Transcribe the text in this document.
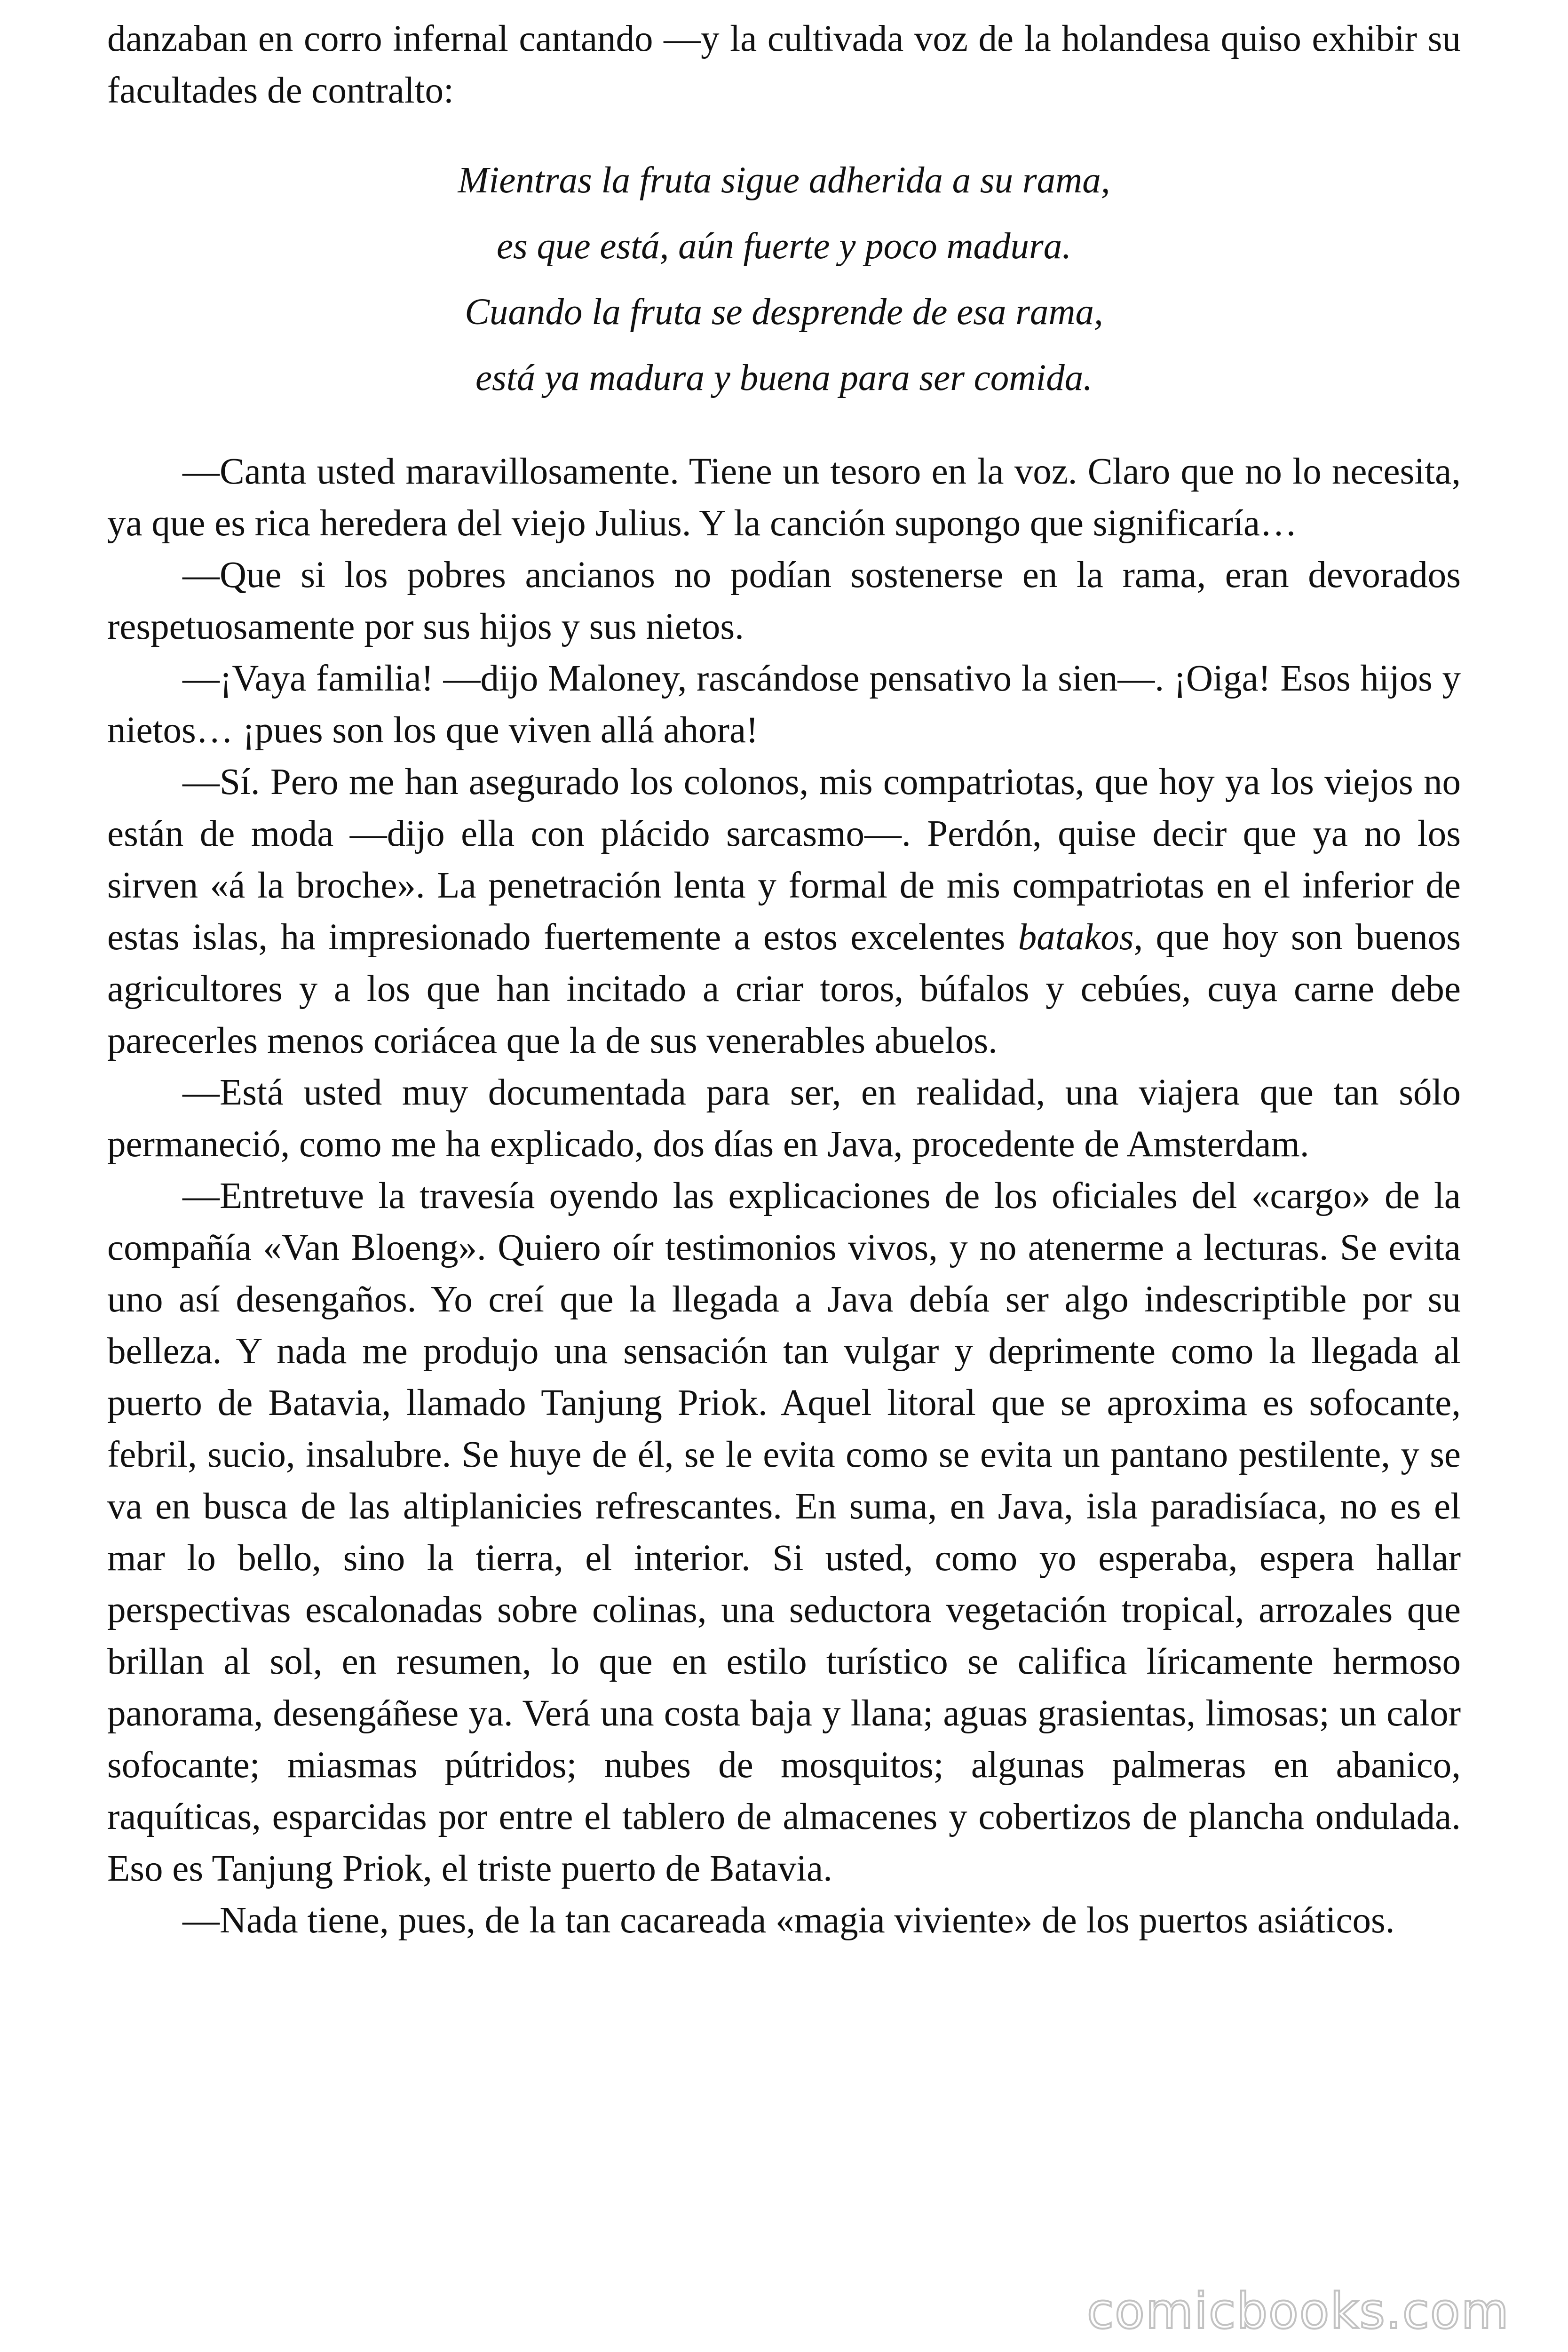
danzaban en corro infernal cantando —y la cultivada voz de la holandesa quiso exhibir su facultades de contralto:

Mientras la fruta sigue adherida a su rama,
es que está, aún fuerte y poco madura.
Cuando la fruta se desprende de esa rama,
está ya madura y buena para ser comida.

—Canta usted maravillosamente. Tiene un tesoro en la voz. Claro que no lo necesita, ya que es rica heredera del viejo Julius. Y la canción supongo que significaría…

—Que si los pobres ancianos no podían sostenerse en la rama, eran devorados respetuosamente por sus hijos y sus nietos.

—¡Vaya familia! —dijo Maloney, rascándose pensativo la sien—. ¡Oiga! Esos hijos y nietos… ¡pues son los que viven allá ahora!

—Sí. Pero me han asegurado los colonos, mis compatriotas, que hoy ya los viejos no están de moda —dijo ella con plácido sarcasmo—. Perdón, quise decir que ya no los sirven «á la broche». La penetración lenta y formal de mis compatriotas en el inferior de estas islas, ha impresionado fuertemente a estos excelentes batakos, que hoy son buenos agricultores y a los que han incitado a criar toros, búfalos y cebúes, cuya carne debe parecerles menos coriácea que la de sus venerables abuelos.

—Está usted muy documentada para ser, en realidad, una viajera que tan sólo permaneció, como me ha explicado, dos días en Java, procedente de Amsterdam.

—Entretuve la travesía oyendo las explicaciones de los oficiales del «cargo» de la compañía «Van Bloeng». Quiero oír testimonios vivos, y no atenerme a lecturas. Se evita uno así desengaños. Yo creí que la llegada a Java debía ser algo indescriptible por su belleza. Y nada me produjo una sensación tan vulgar y deprimente como la llegada al puerto de Batavia, llamado Tanjung Priok. Aquel litoral que se aproxima es sofocante, febril, sucio, insalubre. Se huye de él, se le evita como se evita un pantano pestilente, y se va en busca de las altiplanicies refrescantes. En suma, en Java, isla paradisíaca, no es el mar lo bello, sino la tierra, el interior. Si usted, como yo esperaba, espera hallar perspectivas escalonadas sobre colinas, una seductora vegetación tropical, arrozales que brillan al sol, en resumen, lo que en estilo turístico se califica líricamente hermoso panorama, desengáñese ya. Verá una costa baja y llana; aguas grasientas, limosas; un calor sofocante; miasmas pútridos; nubes de mosquitos; algunas palmeras en abanico, raquíticas, esparcidas por entre el tablero de almacenes y cobertizos de plancha ondulada. Eso es Tanjung Priok, el triste puerto de Batavia.

—Nada tiene, pues, de la tan cacareada «magia viviente» de los puertos asiáticos.

comicbooks.com
